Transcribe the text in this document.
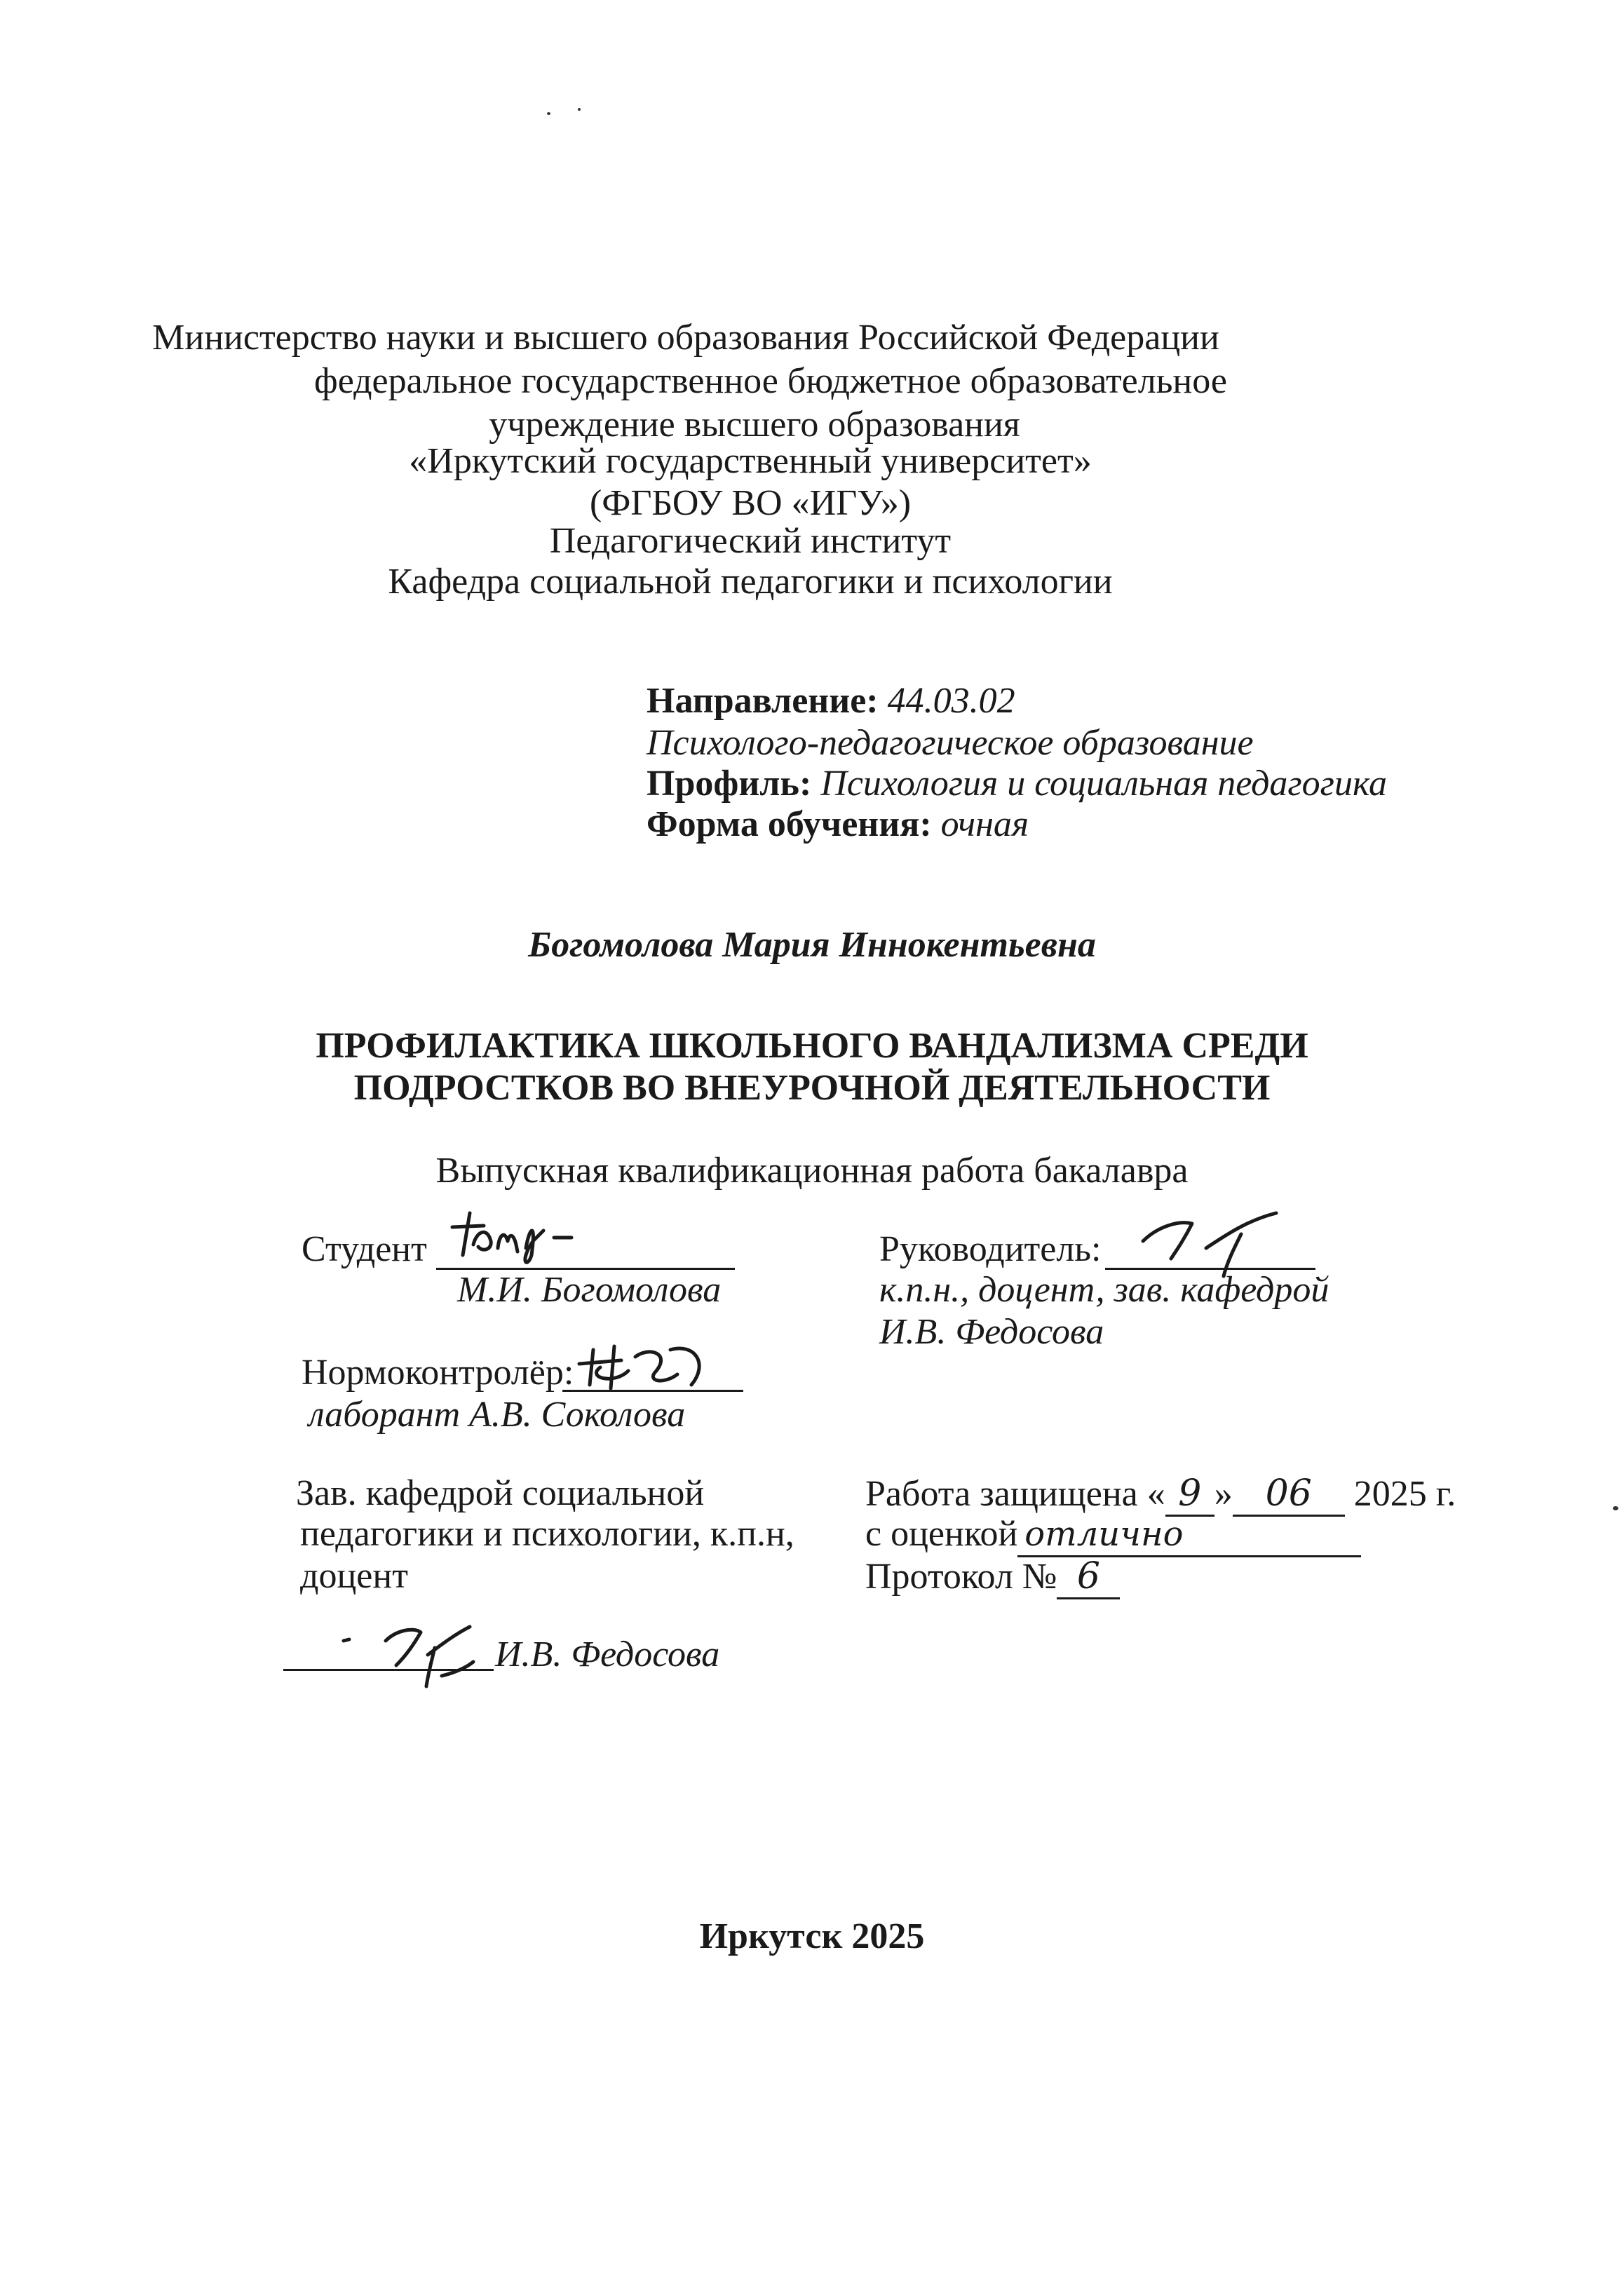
Министерство науки и высшего образования Российской Федерации
федеральное государственное бюджетное образовательное
учреждение высшего образования
«Иркутский государственный университет»
(ФГБОУ ВО «ИГУ»)
Педагогический институт
Кафедра социальной педагогики и психологии
Направление: 44.03.02
Психолого-педагогическое образование
Профиль: Психология и социальная педагогика
Форма обучения: очная
Богомолова Мария Иннокентьевна
ПРОФИЛАКТИКА ШКОЛЬНОГО ВАНДАЛИЗМА СРЕДИ
ПОДРОСТКОВ ВО ВНЕУРОЧНОЙ ДЕЯТЕЛЬНОСТИ
Выпускная квалификационная работа бакалавра
Студент
М.И. Богомолова
Руководитель:
к.п.н., доцент, зав. кафедрой
И.В. Федосова
Нормоконтролёр:
лаборант А.В. Соколова
Зав. кафедрой социальной
педагогики и психологии, к.п.н,
доцент
И.В. Федосова
Работа защищена « 9 » 06 2025 г.
с оценкой отлично
Протокол № 6
Иркутск 2025
